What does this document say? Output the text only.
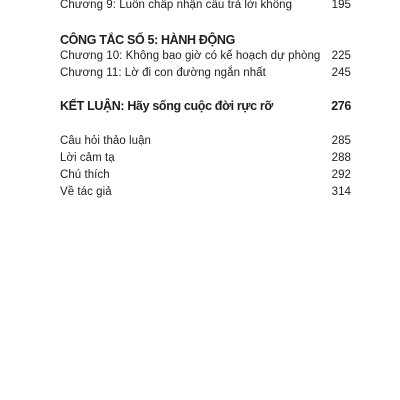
Chương 9: Luôn chấp nhận câu trả lời không	195
CÔNG TẮC SỐ 5: HÀNH ĐỘNG
Chương 10: Không bao giờ có kế hoạch dự phòng 225
Chương 11: Lờ đi con đường ngắn nhất	245
KẾT LUẬN: Hãy sống cuộc đời rực rỡ	276
Câu hỏi thảo luận	285
Lời cảm tạ	288
Chú thích	292
Về tác giả	314
